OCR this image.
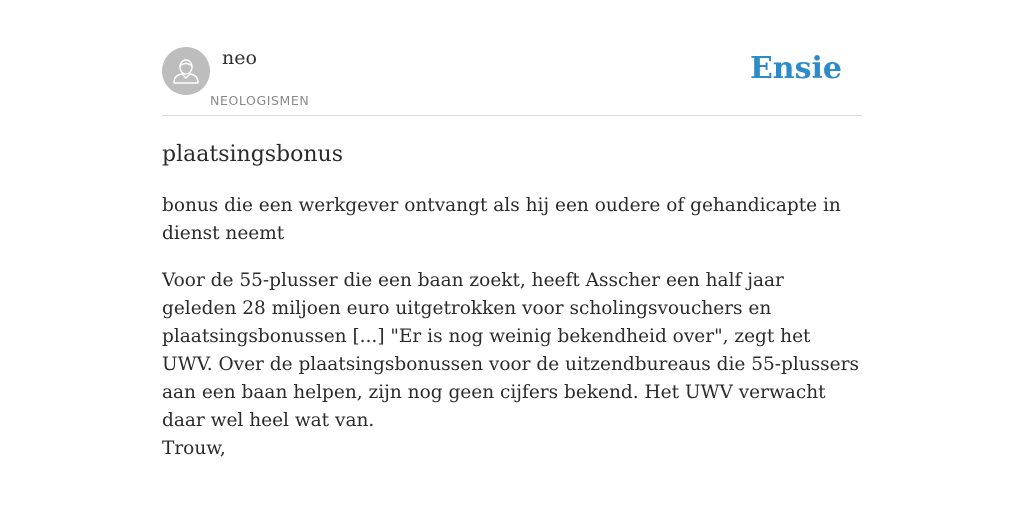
neo
NEOLOGISMEN
Ensie
plaatsingsbonus

bonus die een werkgever ontvangt als hij een oudere of gehandicapte in dienst neemt

Voor de 55-plusser die een baan zoekt, heeft Asscher een half jaar geleden 28 miljoen euro uitgetrokken voor scholingsvouchers en plaatsingsbonussen [...] "Er is nog weinig bekendheid over", zegt het UWV. Over de plaatsingsbonussen voor de uitzendbureaus die 55-plussers aan een baan helpen, zijn nog geen cijfers bekend. Het UWV verwacht daar wel heel wat van.
Trouw,
